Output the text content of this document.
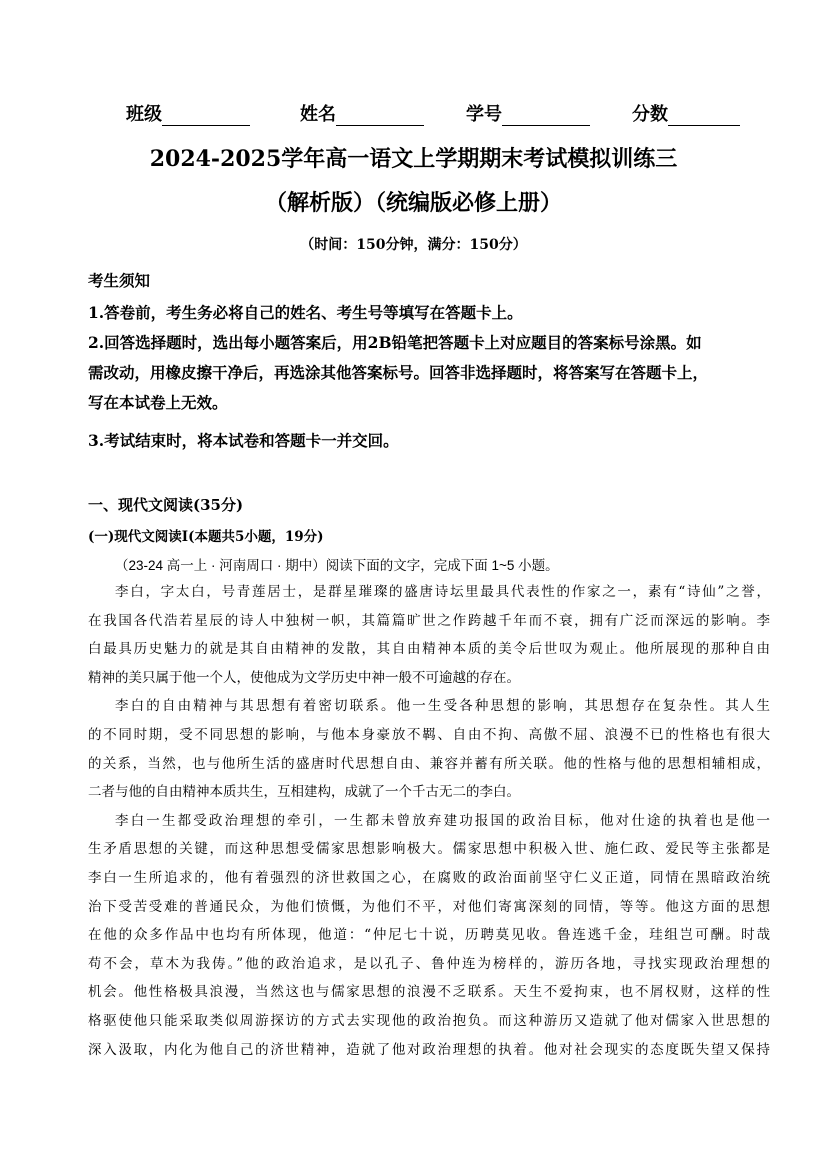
班级	姓名	学号	分数
2024-2025学年高一语文上学期期末考试模拟训练三
（解析版）（统编版必修上册）
（时间：150分钟，满分：150分）
考生须知
1.答卷前，考生务必将自己的姓名、考生号等填写在答题卡上。
2.回答选择题时，选出每小题答案后，用2B铅笔把答题卡上对应题目的答案标号涂黑。如
需改动，用橡皮擦干净后，再选涂其他答案标号。回答非选择题时，将答案写在答题卡上，
写在本试卷上无效。
3.考试结束时，将本试卷和答题卡一并交回。
一、现代文阅读(35分)
(一)现代文阅读Ⅰ(本题共5小题，19分)
（23-24 高一上 · 河南周口 · 期中）阅读下面的文字，完成下面 1~5 小题。
李白，字太白，号青莲居士，是群星璀璨的盛唐诗坛里最具代表性的作家之一，素有“诗仙”之誉，
在我国各代浩若星辰的诗人中独树一帜，其篇篇旷世之作跨越千年而不衰，拥有广泛而深远的影响。李
白最具历史魅力的就是其自由精神的发散，其自由精神本质的美令后世叹为观止。他所展现的那种自由
精神的美只属于他一个人，使他成为文学历史中神一般不可逾越的存在。
李白的自由精神与其思想有着密切联系。他一生受各种思想的影响，其思想存在复杂性。其人生
的不同时期，受不同思想的影响，与他本身豪放不羁、自由不拘、高傲不屈、浪漫不已的性格也有很大
的关系，当然，也与他所生活的盛唐时代思想自由、兼容并蓄有所关联。他的性格与他的思想相辅相成，
二者与他的自由精神本质共生，互相建构，成就了一个千古无二的李白。
李白一生都受政治理想的牵引，一生都未曾放弃建功报国的政治目标，他对仕途的执着也是他一
生矛盾思想的关键，而这种思想受儒家思想影响极大。儒家思想中积极入世、施仁政、爱民等主张都是
李白一生所追求的，他有着强烈的济世救国之心，在腐败的政治面前坚守仁义正道，同情在黑暗政治统
治下受苦受难的普通民众，为他们愤慨，为他们不平，对他们寄寓深刻的同情，等等。他这方面的思想
在他的众多作品中也均有所体现，他道：“仲尼七十说，历聘莫见收。鲁连逃千金，珪组岂可酬。时哉
苟不会，草木为我俦。”他的政治追求，是以孔子、鲁仲连为榜样的，游历各地，寻找实现政治理想的
机会。他性格极具浪漫，当然这也与儒家思想的浪漫不乏联系。天生不爱拘束，也不屑权财，这样的性
格驱使他只能采取类似周游探访的方式去实现他的政治抱负。而这种游历又造就了他对儒家入世思想的
深入汲取，内化为他自己的济世精神，造就了他对政治理想的执着。他对社会现实的态度既失望又保持
